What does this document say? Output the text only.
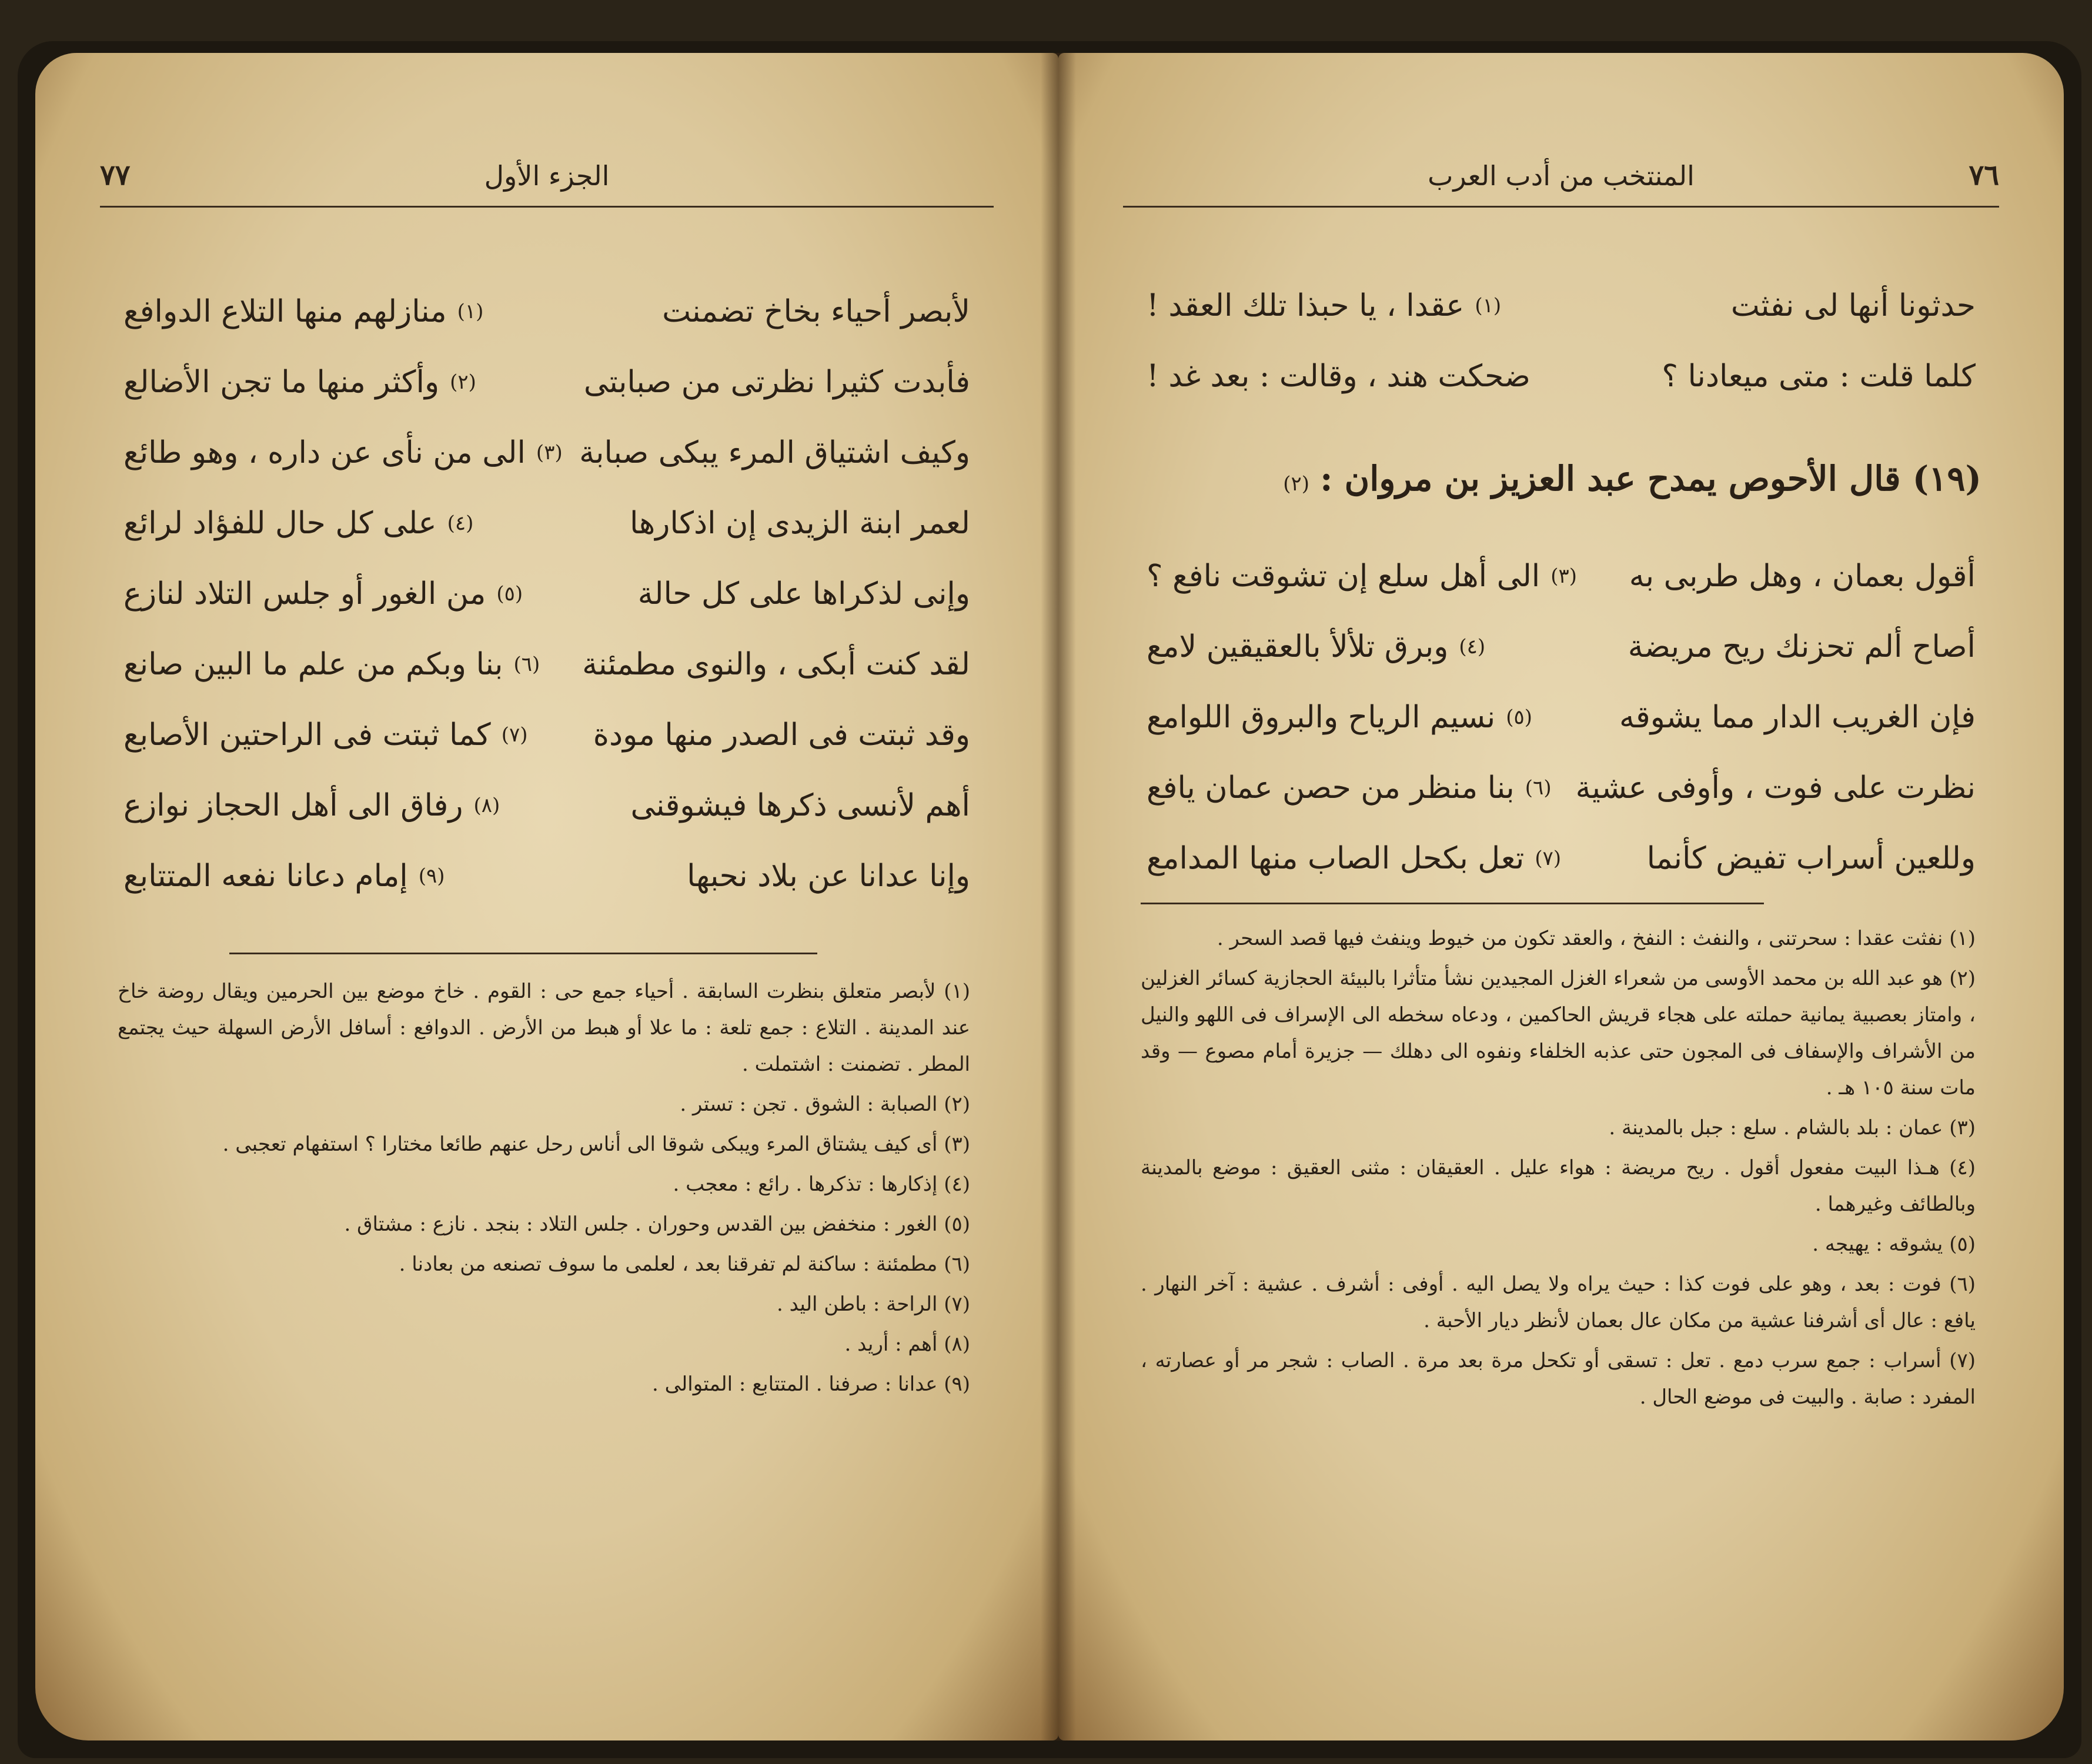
٧٧	الجزء الأول
لأبصر أحياء بخاخ تضمنت
منازلهم منها التلاع الدوافع (١)
فأبدت كثيرا نظرتى من صبابتى
وأكثر منها ما تجن الأضالع (٢)
وكيف اشتياق المرء يبكى صبابة
الى من نأى عن داره ، وهو طائع (٣)
لعمر ابنة الزيدى إن اذكارها
على كل حال للفؤاد لرائع (٤)
وإنى لذكراها على كل حالة
من الغور أو جلس التلاد لنازع (٥)
لقد كنت أبكى ، والنوى مطمئنة
بنا وبكم من علم ما البين صانع (٦)
وقد ثبتت فى الصدر منها مودة
كما ثبتت فى الراحتين الأصابع (٧)
أهم لأنسى ذكرها فيشوقنى
رفاق الى أهل الحجاز نوازع (٨)
وإنا عدانا عن بلاد نحبها
إمام دعانا نفعه المتتابع (٩)

(١) لأبصر متعلق بنظرت السابقة . أحياء جمع حى : القوم . خاخ موضع بين الحرمين ويقال روضة خاخ عند المدينة . التلاع : جمع تلعة : ما علا أو هبط من الأرض . الدوافع : أسافل الأرض السهلة حيث يجتمع المطر . تضمنت : اشتملت .

(٢) الصبابة : الشوق . تجن : تستر .

(٣) أى كيف يشتاق المرء ويبكى شوقا الى أناس رحل عنهم طائعا مختارا ؟ استفهام تعجبى .

(٤) إذكارها : تذكرها . رائع : معجب .

(٥) الغور : منخفض بين القدس وحوران . جلس التلاد : بنجد . نازع : مشتاق .

(٦) مطمئنة : ساكنة لم تفرقنا بعد ، لعلمى ما سوف تصنعه من بعادنا .

(٧) الراحة : باطن اليد .

(٨) أهم : أريد .

(٩) عدانا : صرفنا . المتتابع : المتوالى .

٧٦
المنتخب من أدب العرب
حدثونا أنها لى نفثت
عقدا ، يا حبذا تلك العقد ! (١)
كلما قلت : متى ميعادنا ؟
ضحكت هند ، وقالت : بعد غد !
(١٩) قال الأحوص يمدح عبد العزيز بن مروان :(٢)
أقول بعمان ، وهل طربى به
الى أهل سلع إن تشوقت نافع ؟ (٣)
أصاح ألم تحزنك ريح مريضة
وبرق تلألأ بالعقيقين لامع (٤)
فإن الغريب الدار مما يشوقه
نسيم الرياح والبروق اللوامع (٥)
نظرت على فوت ، وأوفى عشية
بنا منظر من حصن عمان يافع (٦)
وللعين أسراب تفيض كأنما
تعل بكحل الصاب منها المدامع (٧)

(١) نفثت عقدا : سحرتنى ، والنفث : النفخ ، والعقد تكون من خيوط وينفث فيها قصد السحر .

(٢) هو عبد الله بن محمد الأوسى من شعراء الغزل المجيدين نشأ متأثرا بالبيئة الحجازية كسائر الغزلين ، وامتاز بعصبية يمانية حملته على هجاء قريش الحاكمين ، ودعاه سخطه الى الإسراف فى اللهو والنيل من الأشراف والإسفاف فى المجون حتى عذبه الخلفاء ونفوه الى دهلك — جزيرة أمام مصوع — وقد مات سنة ١٠٥ هـ .

(٣) عمان : بلد بالشام . سلع : جبل بالمدينة .

(٤) هـذا البيت مفعول أقول . ريح مريضة : هواء عليل . العقيقان : مثنى العقيق : موضع بالمدينة وبالطائف وغيرهما .

(٥) يشوقه : يهيجه .

(٦) فوت : بعد ، وهو على فوت كذا : حيث يراه ولا يصل اليه . أوفى : أشرف . عشية : آخر النهار . يافع : عال أى أشرفنا عشية من مكان عال بعمان لأنظر ديار الأحبة .

(٧) أسراب : جمع سرب دمع . تعل : تسقى أو تكحل مرة بعد مرة . الصاب : شجر مر أو عصارته ، المفرد : صابة . والبيت فى موضع الحال .
